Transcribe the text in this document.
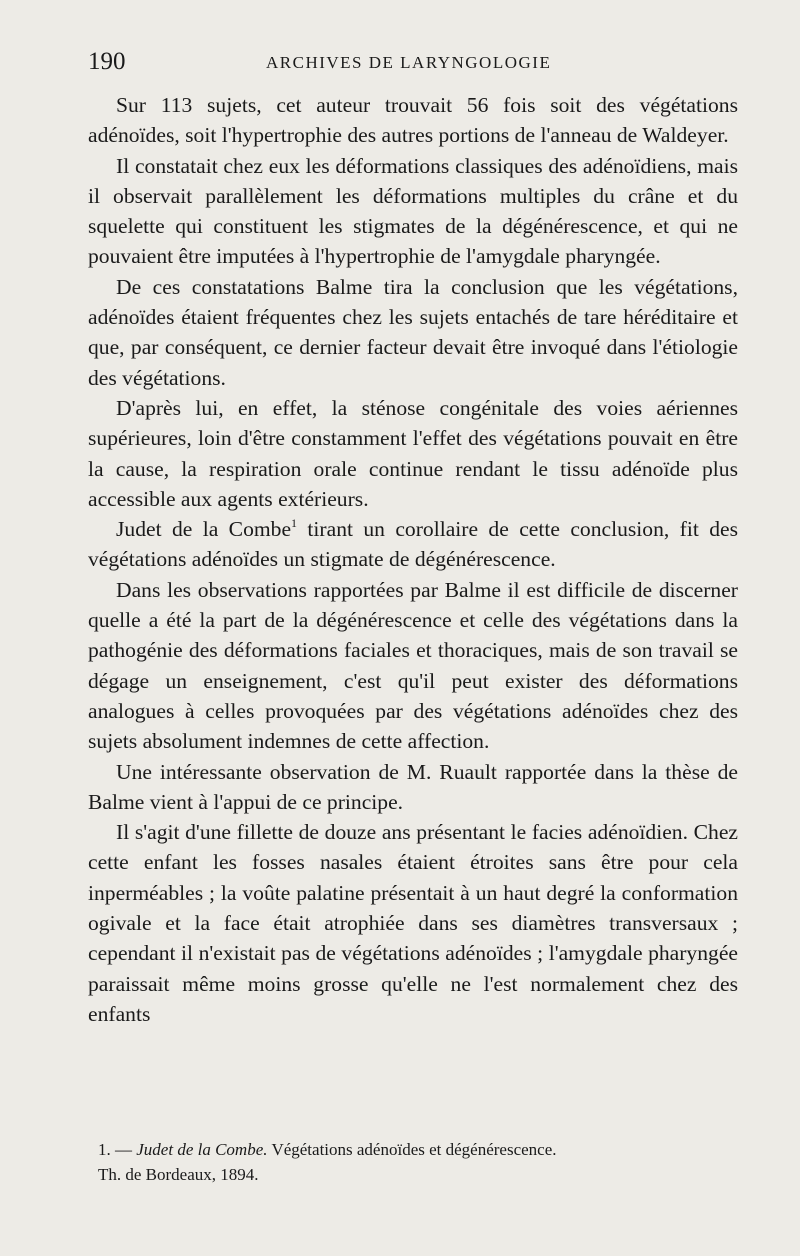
190	ARCHIVES DE LARYNGOLOGIE

Sur 113 sujets, cet auteur trouvait 56 fois soit des végétations adénoïdes, soit l'hypertrophie des autres portions de l'anneau de Waldeyer.

Il constatait chez eux les déformations classiques des adénoïdiens, mais il observait parallèlement les déformations multiples du crâne et du squelette qui constituent les stigmates de la dégénérescence, et qui ne pouvaient être imputées à l'hypertrophie de l'amygdale pharyngée.

De ces constatations Balme tira la conclusion que les végétations, adénoïdes étaient fréquentes chez les sujets entachés de tare héréditaire et que, par conséquent, ce dernier facteur devait être invoqué dans l'étiologie des végétations.

D'après lui, en effet, la sténose congénitale des voies aériennes supérieures, loin d'être constamment l'effet des végétations pouvait en être la cause, la respiration orale continue rendant le tissu adénoïde plus accessible aux agents extérieurs.

Judet de la Combe$^1$ tirant un corollaire de cette conclusion, fit des végétations adénoïdes un stigmate de dégénérescence.

Dans les observations rapportées par Balme il est difficile de discerner quelle a été la part de la dégénérescence et celle des végétations dans la pathogénie des déformations faciales et thoraciques, mais de son travail se dégage un enseignement, c'est qu'il peut exister des déformations analogues à celles provoquées par des végétations adénoïdes chez des sujets absolument indemnes de cette affection.

Une intéressante observation de M. Ruault rapportée dans la thèse de Balme vient à l'appui de ce principe.

Il s'agit d'une fillette de douze ans présentant le facies adénoïdien. Chez cette enfant les fosses nasales étaient étroites sans être pour cela inperméables ; la voûte palatine présentait à un haut degré la conformation ogivale et la face était atrophiée dans ses diamètres transversaux ; cependant il n'existait pas de végétations adénoïdes ; l'amygdale pharyngée paraissait même moins grosse qu'elle ne l'est normalement chez des enfants

1. — Judet de la Combe. Végétations adénoïdes et dégénérescence.
Th. de Bordeaux, 1894.
